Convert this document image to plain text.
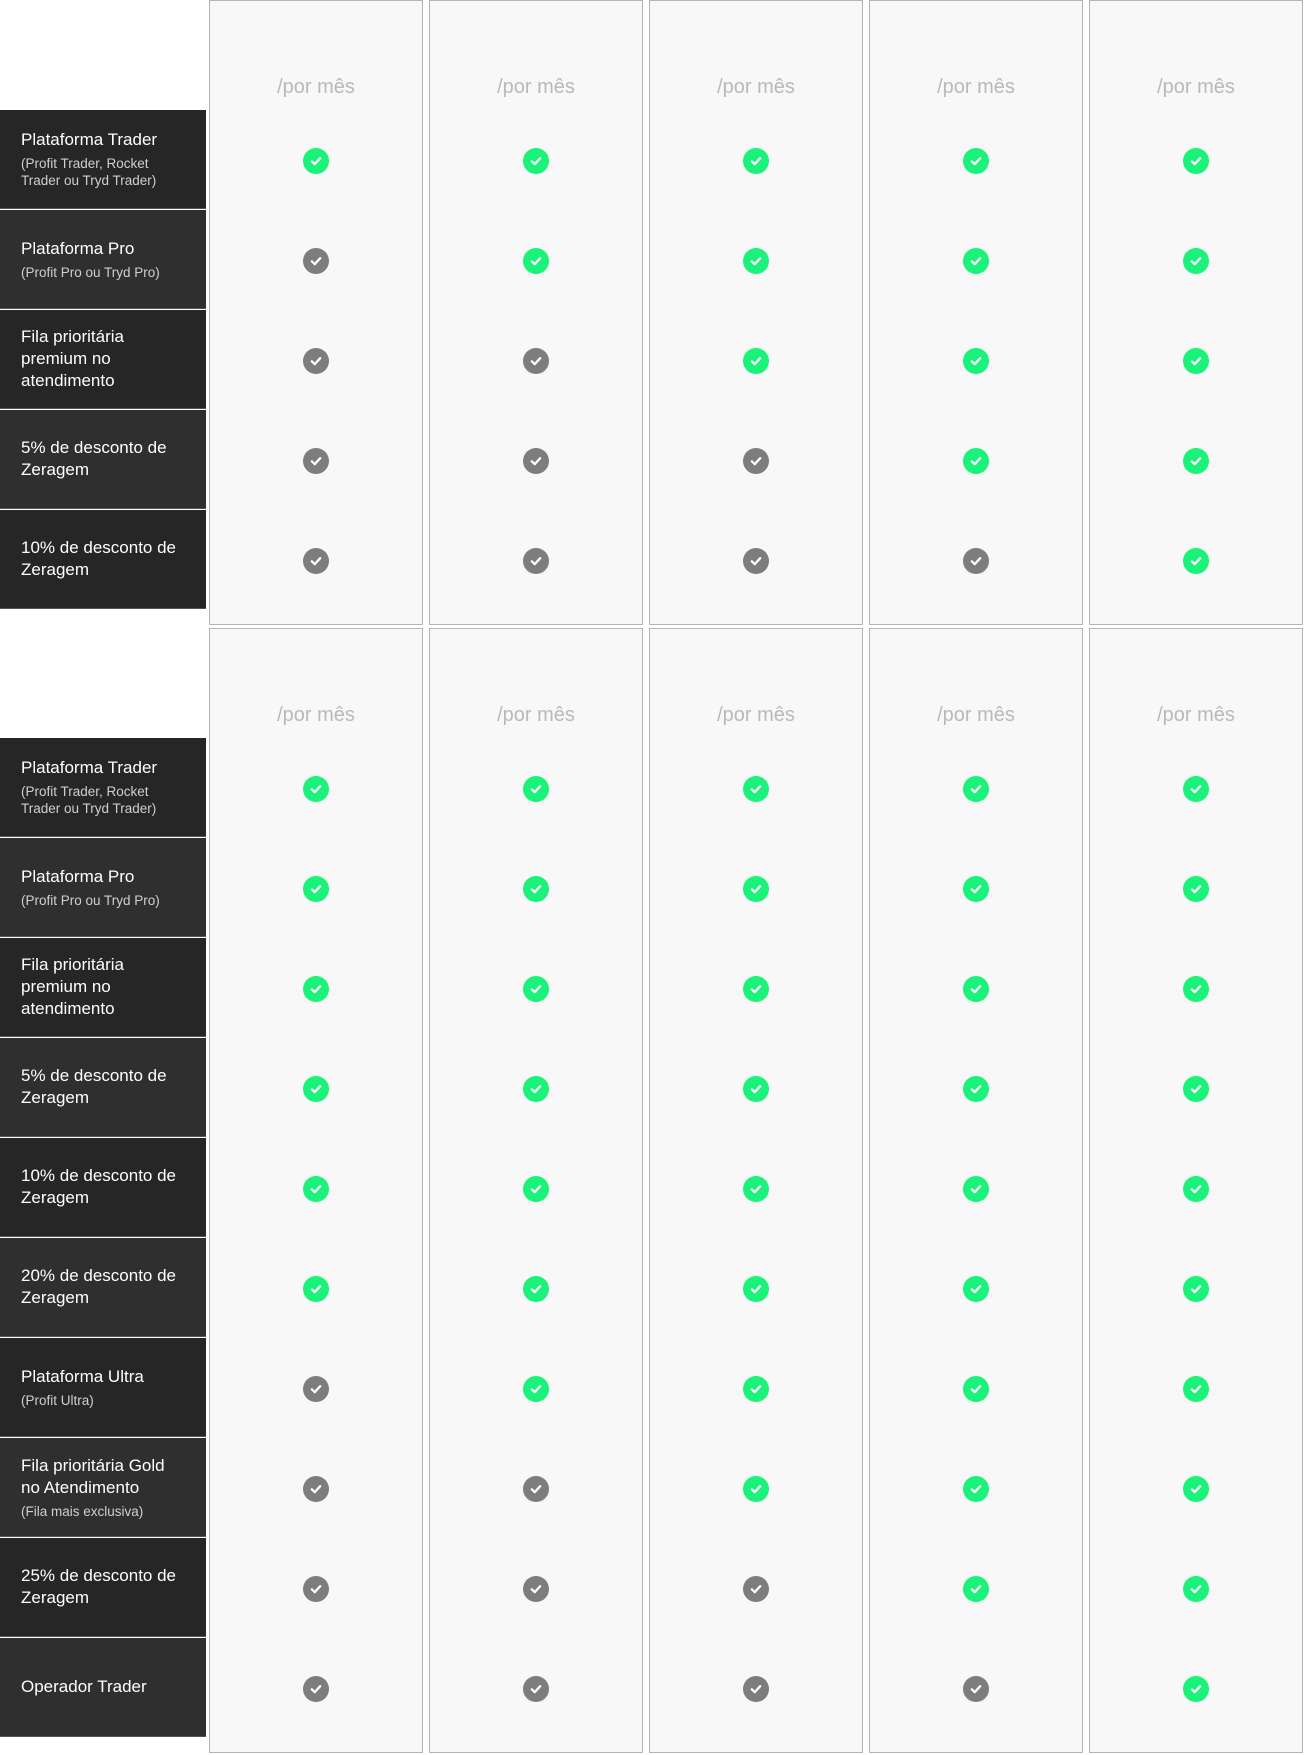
/por mês	/por mês	/por mês	/por mês	/por mês
Plataforma Trader
(Profit Trader, Rocket Trader ou Tryd Trader)
Plataforma Pro
(Profit Pro ou Tryd Pro)
Fila prioritária premium no atendimento
5% de desconto de Zeragem
10% de desconto de Zeragem
/por mês	/por mês	/por mês	/por mês	/por mês
Plataforma Trader
(Profit Trader, Rocket Trader ou Tryd Trader)
Plataforma Pro
(Profit Pro ou Tryd Pro)
Fila prioritária premium no atendimento
5% de desconto de Zeragem
10% de desconto de Zeragem
20% de desconto de Zeragem
Plataforma Ultra
(Profit Ultra)
Fila prioritária Gold no Atendimento
(Fila mais exclusiva)
25% de desconto de Zeragem
Operador Trader
